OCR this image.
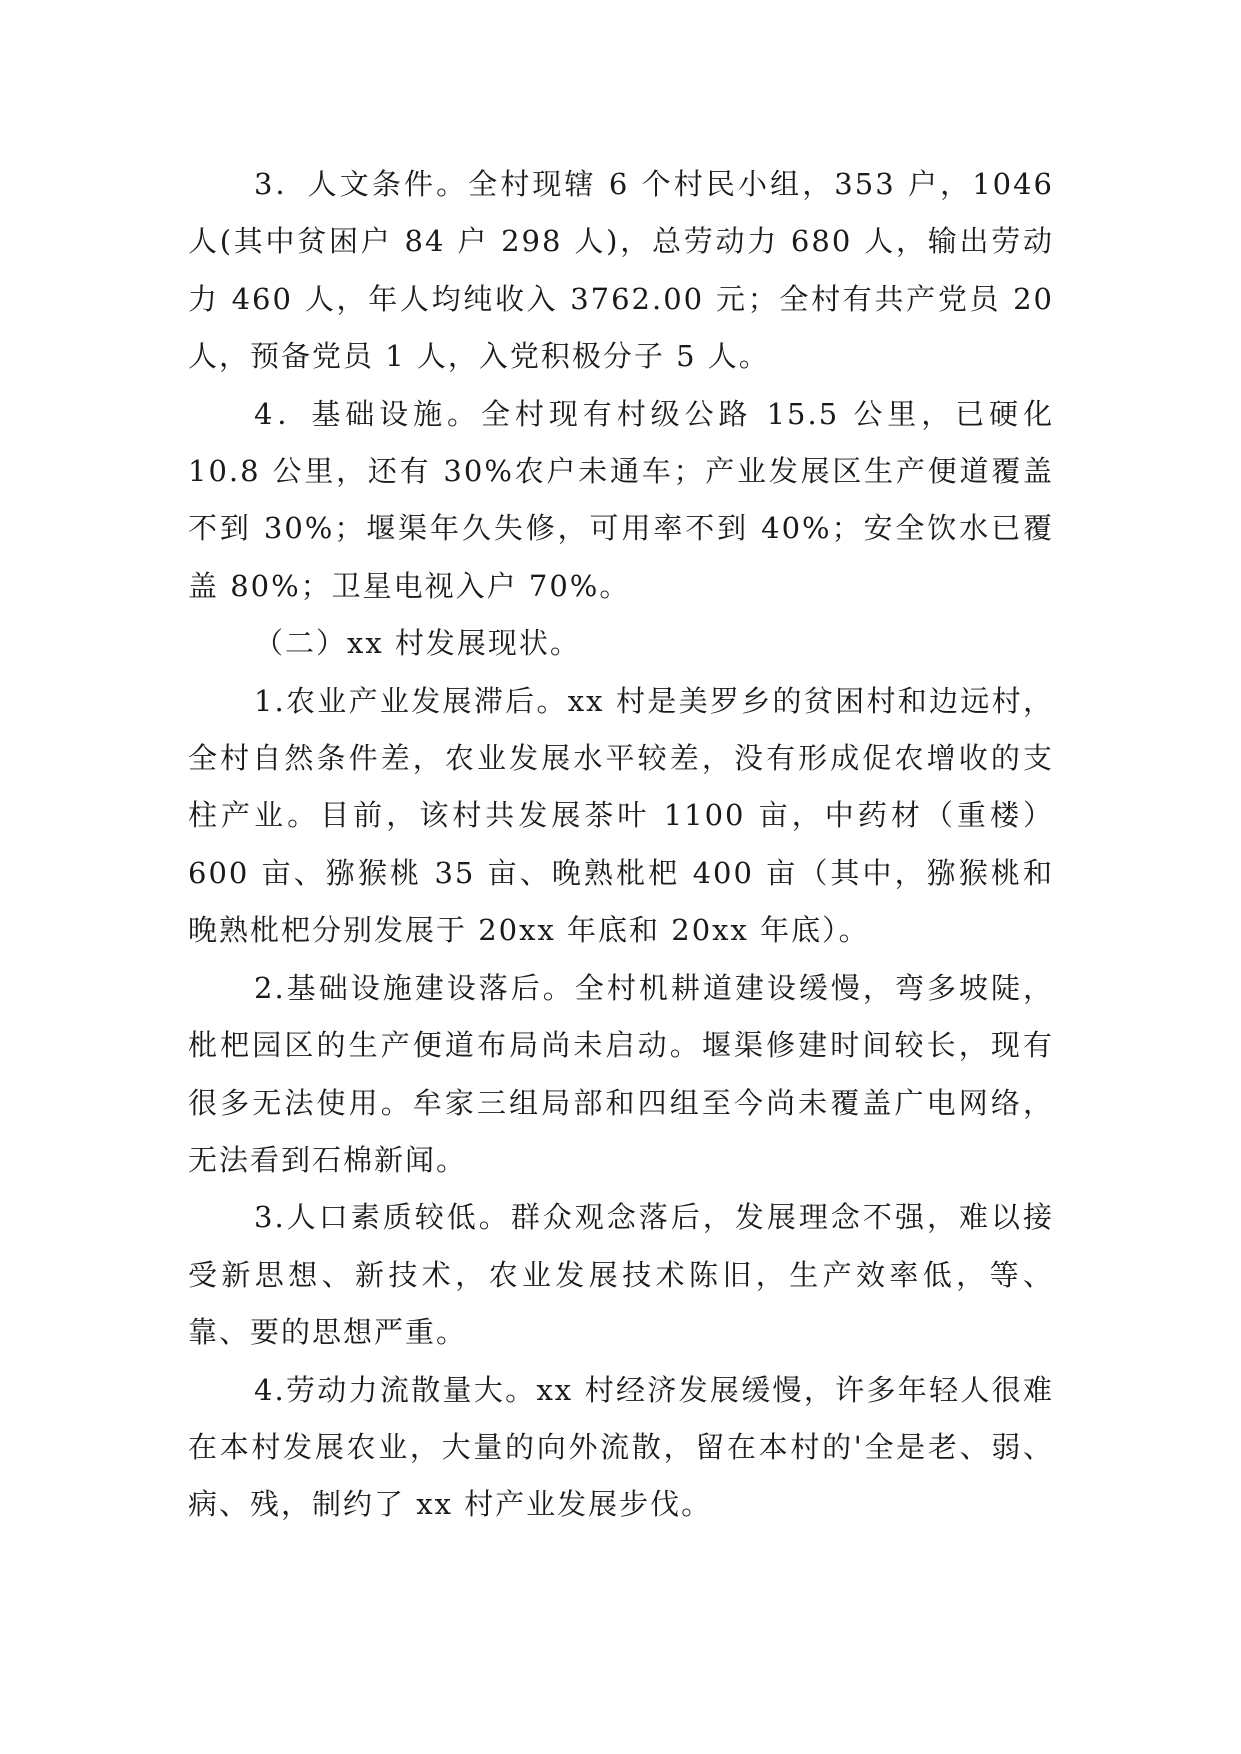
3．人文条件。全村现辖 6 个村民小组，353 户，1046 人(其中贫困户 84 户 298 人)，总劳动力 680 人，输出劳动力 460 人，年人均纯收入 3762.00 元；全村有共产党员 20 人，预备党员 1 人，入党积极分子 5 人。

4．基础设施。全村现有村级公路 15.5 公里，已硬化 10.8 公里，还有 30%农户未通车；产业发展区生产便道覆盖不到 30%；堰渠年久失修，可用率不到 40%；安全饮水已覆盖 80%；卫星电视入户 70%。

（二）xx 村发展现状。

1.农业产业发展滞后。xx 村是美罗乡的贫困村和边远村，全村自然条件差，农业发展水平较差，没有形成促农增收的支柱产业。目前，该村共发展茶叶 1100 亩，中药材（重楼）600 亩、猕猴桃 35 亩、晚熟枇杷 400 亩（其中，猕猴桃和晚熟枇杷分别发展于 20xx 年底和 20xx 年底）。

2.基础设施建设落后。全村机耕道建设缓慢，弯多坡陡，枇杷园区的生产便道布局尚未启动。堰渠修建时间较长，现有很多无法使用。牟家三组局部和四组至今尚未覆盖广电网络，无法看到石棉新闻。

3.人口素质较低。群众观念落后，发展理念不强，难以接受新思想、新技术，农业发展技术陈旧，生产效率低，等、靠、要的思想严重。

4.劳动力流散量大。xx 村经济发展缓慢，许多年轻人很难在本村发展农业，大量的向外流散，留在本村的'全是老、弱、病、残，制约了 xx 村产业发展步伐。
